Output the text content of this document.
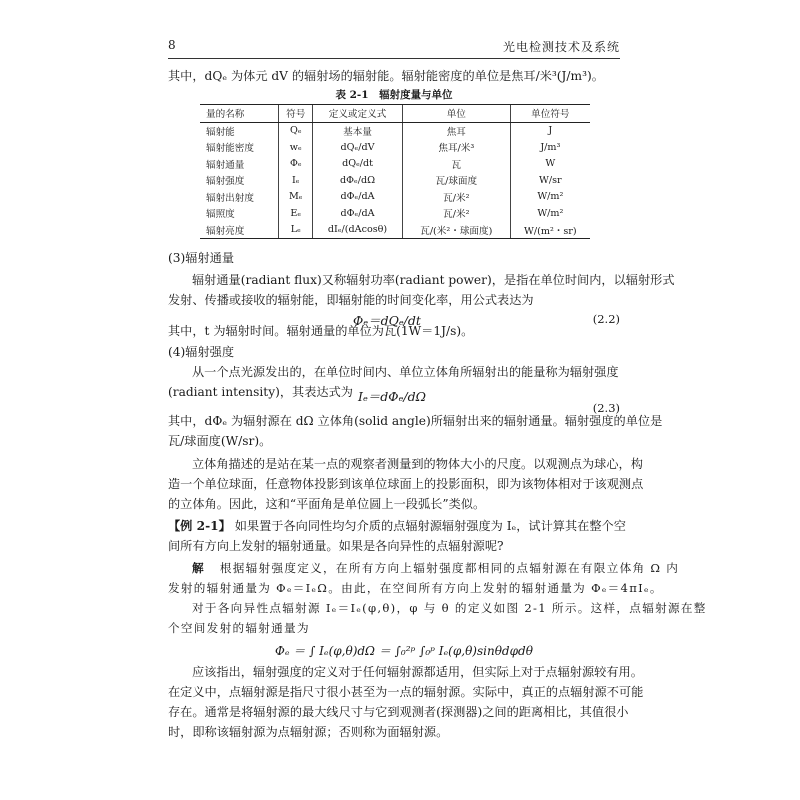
8	光电检测技术及系统
其中，dQₑ 为体元 dV 的辐射场的辐射能。辐射能密度的单位是焦耳/米³(J/m³)。
表 2-1　辐射度量与单位
量的名称	符号	定义或定义式	单位	单位符号
辐射能	Qₑ	基本量	焦耳	J
辐射能密度	wₑ	dQₑ/dV	焦耳/米³	J/m³
辐射通量	Φₑ	dQₑ/dt	瓦	W
辐射强度	Iₑ	dΦₑ/dΩ	瓦/球面度	W/sr
辐射出射度	Mₑ	dΦₑ/dA	瓦/米²	W/m²
辐照度	Eₑ	dΦₑ/dA	瓦/米²	W/m²
辐射亮度	Lₑ	dIₑ/(dAcosθ)	瓦/(米²・球面度)	W/(m²・sr)
(3)辐射通量
辐射通量(radiant flux)又称辐射功率(radiant power)，是指在单位时间内，以辐射形式
发射、传播或接收的辐射能，即辐射能的时间变化率，用公式表达为
Φₑ＝dQₑ/dt	(2.2)
其中，t 为辐射时间。辐射通量的单位为瓦(1W＝1J/s)。
(4)辐射强度
从一个点光源发出的，在单位时间内、单位立体角所辐射出的能量称为辐射强度
(radiant intensity)，其表达式为 Iₑ＝dΦₑ/dΩ
(2.3)
其中，dΦₑ 为辐射源在 dΩ 立体角(solid angle)所辐射出来的辐射通量。辐射强度的单位是
瓦/球面度(W/sr)。
立体角描述的是站在某一点的观察者测量到的物体大小的尺度。以观测点为球心，构
造一个单位球面，任意物体投影到该单位球面上的投影面积，即为该物体相对于该观测点
的立体角。因此，这和“平面角是单位圆上一段弧长”类似。
【例 2-1】 如果置于各向同性均匀介质的点辐射源辐射强度为 Iₑ，试计算其在整个空
间所有方向上发射的辐射通量。如果是各向异性的点辐射源呢?
解 根据辐射强度定义，在所有方向上辐射强度都相同的点辐射源在有限立体角 Ω 内
发射的辐射通量为 Φₑ＝IₑΩ。由此，在空间所有方向上发射的辐射通量为 Φₑ＝4πIₑ。
对于各向异性点辐射源 Iₑ＝Iₑ(φ,θ)，φ 与 θ 的定义如图 2-1 所示。这样，点辐射源在整
个空间发射的辐射通量为
Φₑ ＝ ∫ Iₑ(φ,θ)dΩ ＝ ∫₀²ᵖ ∫₀ᵖ Iₑ(φ,θ)sinθdφdθ
应该指出，辐射强度的定义对于任何辐射源都适用，但实际上对于点辐射源较有用。
在定义中，点辐射源是指尺寸很小甚至为一点的辐射源。实际中，真正的点辐射源不可能
存在。通常是将辐射源的最大线尺寸与它到观测者(探测器)之间的距离相比，其值很小
时，即称该辐射源为点辐射源；否则称为面辐射源。
